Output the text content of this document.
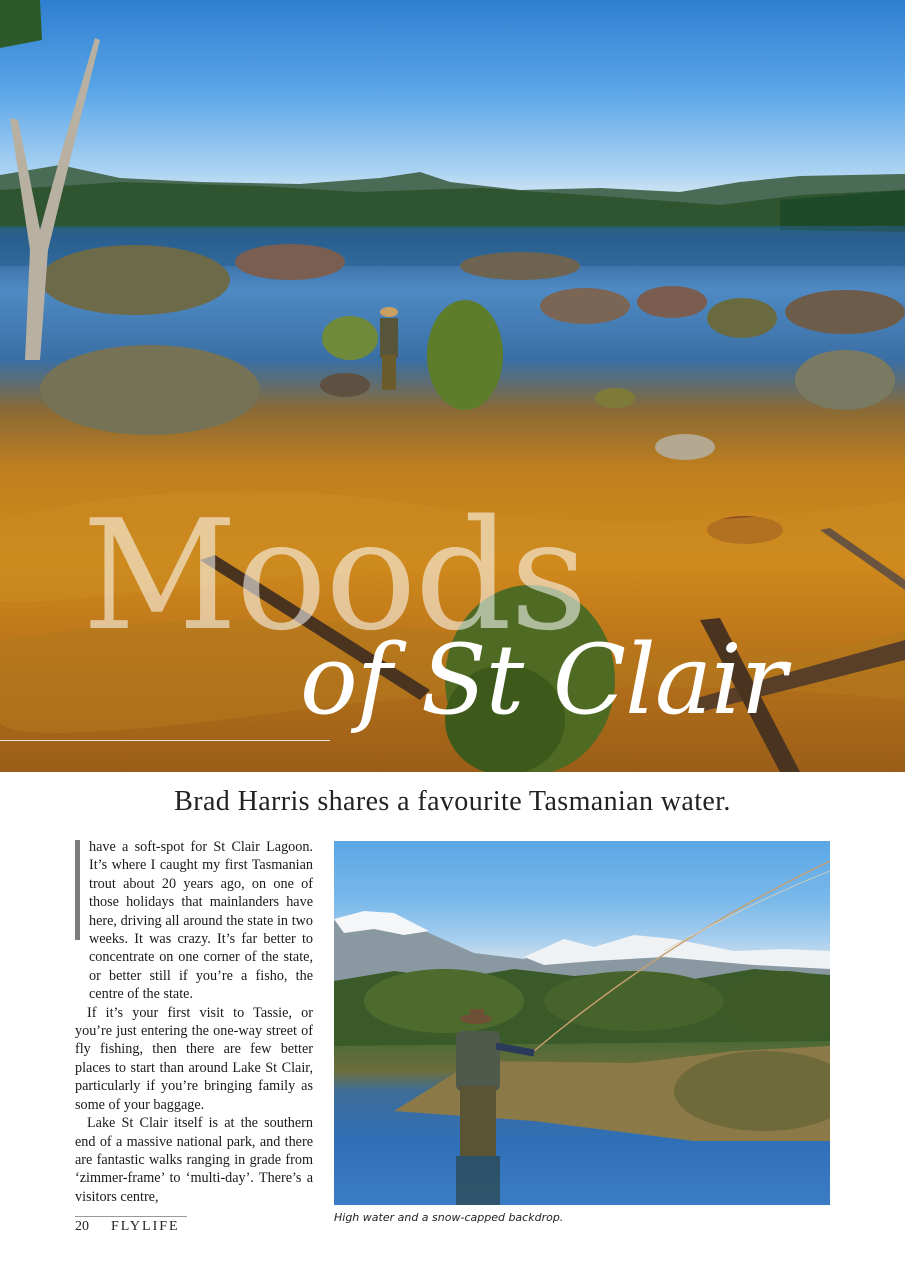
Moods
of St Clair
Brad Harris shares a favourite Tasmanian water.

have a soft-spot for St Clair Lagoon. It’s where I caught my first Tasmanian trout about 20 years ago, on one of those holidays that mainlanders have here, driving all around the state in two weeks. It was crazy. It’s far better to concentrate on one corner of the state, or better still if you’re a fisho, the centre of the state.

If it’s your first visit to Tassie, or you’re just entering the one-way street of fly fishing, then there are few better places to start than around Lake St Clair, particularly if you’re bringing family as some of your baggage.

Lake St Clair itself is at the southern end of a massive national park, and there are fantastic walks ranging in grade from ‘zimmer-frame’ to ‘multi-day’. There’s a visitors centre,

High water and a snow-capped backdrop.
20 FLYLIFE
